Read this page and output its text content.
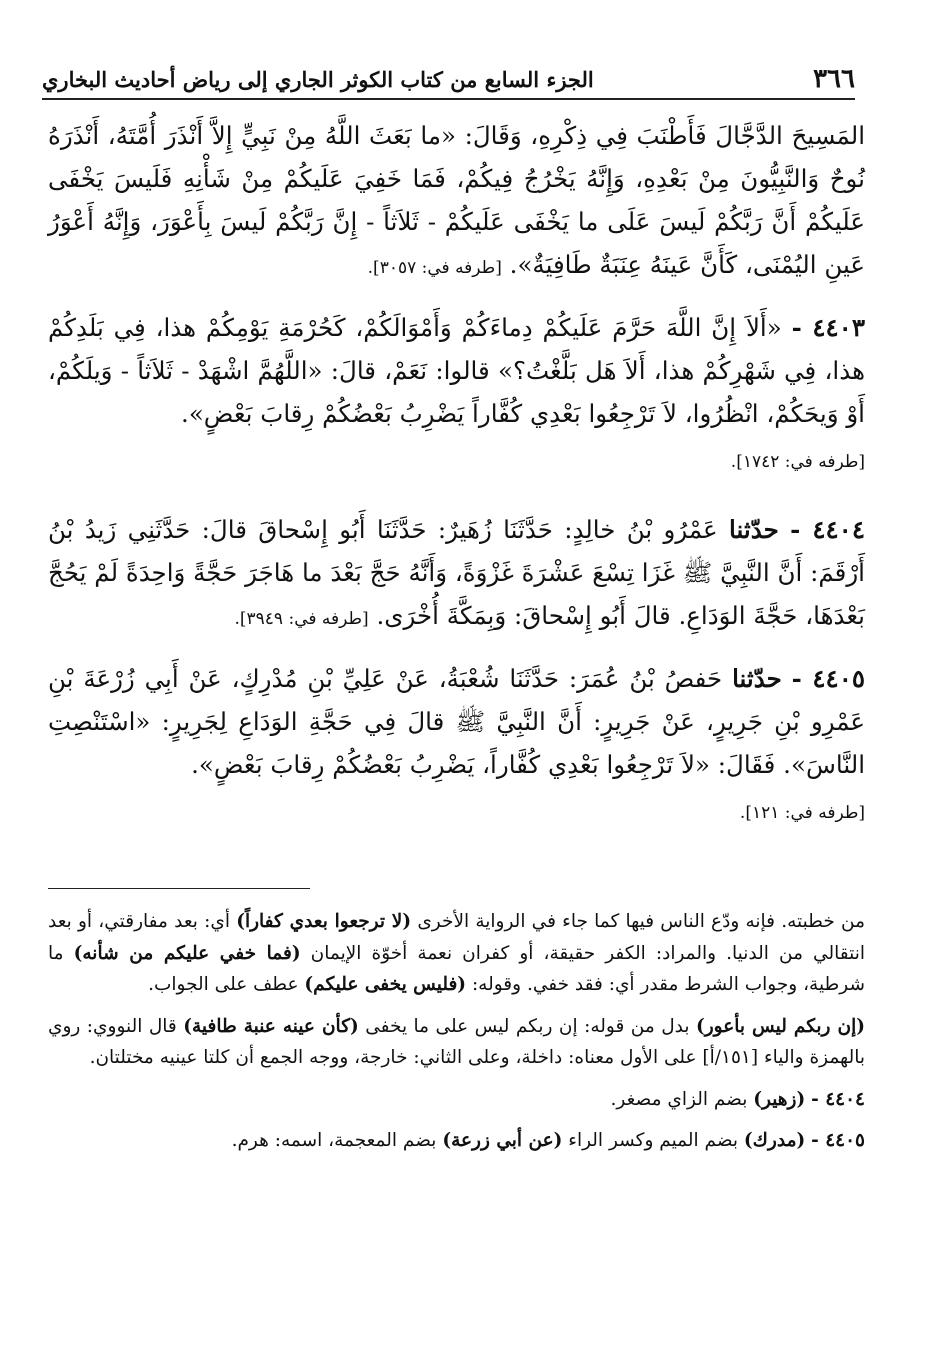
٣٦٦
الجزء السابع من كتاب الكوثر الجاري إلى رياض أحاديث البخاري

المَسِيحَ الدَّجَّالَ فَأَطْنَبَ فِي ذِكْرِهِ، وَقَالَ: «ما بَعَثَ اللَّهُ مِنْ نَبِيٍّ إِلاَّ أَنْذَرَ أُمَّتَهُ، أَنْذَرَهُ نُوحٌ وَالنَّبِيُّونَ مِنْ بَعْدِهِ، وَإِنَّهُ يَخْرُجُ فِيكُمْ، فَمَا خَفِيَ عَلَيكُمْ مِنْ شَأْنِهِ فَلَيسَ يَخْفَى عَلَيكُمْ أَنَّ رَبَّكُمْ لَيسَ عَلَى ما يَخْفَى عَلَيكُمْ - ثَلاَثاً - إِنَّ رَبَّكُمْ لَيسَ بِأَعْوَرَ، وَإِنَّهُ أَعْوَرُ عَينِ اليُمْنَى، كَأَنَّ عَينَهُ عِنَبَةٌ طَافِيَةٌ». [طرفه في: ٣٠٥٧].

٤٤٠٣ - «أَلاَ إِنَّ اللَّهَ حَرَّمَ عَلَيكُمْ دِماءَكُمْ وَأَمْوَالَكُمْ، كَحُرْمَةِ يَوْمِكُمْ هذا، فِي بَلَدِكُمْ هذا، فِي شَهْرِكُمْ هذا، أَلاَ هَل بَلَّغْتُ؟» قالوا: نَعَمْ، قالَ: «اللَّهُمَّ اشْهَدْ - ثَلاَثاً - وَيلَكُمْ، أَوْ وَيحَكُمْ، انْظُرُوا، لاَ تَرْجِعُوا بَعْدِي كُفَّاراً يَضْرِبُ بَعْضُكُمْ رِقابَ بَعْضٍ».

[طرفه في: ١٧٤٢].

٤٤٠٤ - حدّثنا عَمْرُو بْنُ خالِدٍ: حَدَّثَنَا زُهَيرٌ: حَدَّثَنَا أَبُو إِسْحاقَ قالَ: حَدَّثَنِي زَيدُ بْنُ أَرْقَمَ: أَنَّ النَّبِيَّ ﷺ غَزَا تِسْعَ عَشْرَةَ غَزْوَةً، وَأَنَّهُ حَجَّ بَعْدَ ما هَاجَرَ حَجَّةً وَاحِدَةً لَمْ يَحُجَّ بَعْدَهَا، حَجَّةَ الوَدَاعِ. قالَ أَبُو إِسْحاقَ: وَبِمَكَّةَ أُخْرَى. [طرفه في: ٣٩٤٩].

٤٤٠٥ - حدّثنا حَفصُ بْنُ عُمَرَ: حَدَّثَنَا شُعْبَةُ، عَنْ عَلِيِّ بْنِ مُدْرِكٍ، عَنْ أَبِي زُرْعَةَ بْنِ عَمْرِو بْنِ جَرِيرٍ، عَنْ جَرِيرٍ: أَنَّ النَّبِيَّ ﷺ قالَ فِي حَجَّةِ الوَدَاعِ لِجَرِيرٍ: «اسْتَنْصِتِ النَّاسَ». فَقَالَ: «لاَ تَرْجِعُوا بَعْدِي كُفَّاراً، يَضْرِبُ بَعْضُكُمْ رِقابَ بَعْضٍ».

[طرفه في: ١٢١].

من خطبته. فإنه ودّع الناس فيها كما جاء في الرواية الأخرى (لا ترجعوا بعدي كفاراً) أي: بعد مفارقتي، أو بعد انتقالي من الدنيا. والمراد: الكفر حقيقة، أو كفران نعمة أخوّة الإيمان (فما خفي عليكم من شأنه) ما شرطية، وجواب الشرط مقدر أي: فقد خفي. وقوله: (فليس يخفى عليكم) عطف على الجواب.

(إن ربكم ليس بأعور) بدل من قوله: إن ربكم ليس على ما يخفى (كأن عينه عنبة طافية) قال النووي: روي بالهمزة والياء [١٥١/أ] على الأول معناه: داخلة، وعلى الثاني: خارجة، ووجه الجمع أن كلتا عينيه مختلتان.

٤٤٠٤ - (زهير) بضم الزاي مصغر.

٤٤٠٥ - (مدرك) بضم الميم وكسر الراء (عن أبي زرعة) بضم المعجمة، اسمه: هرم.
